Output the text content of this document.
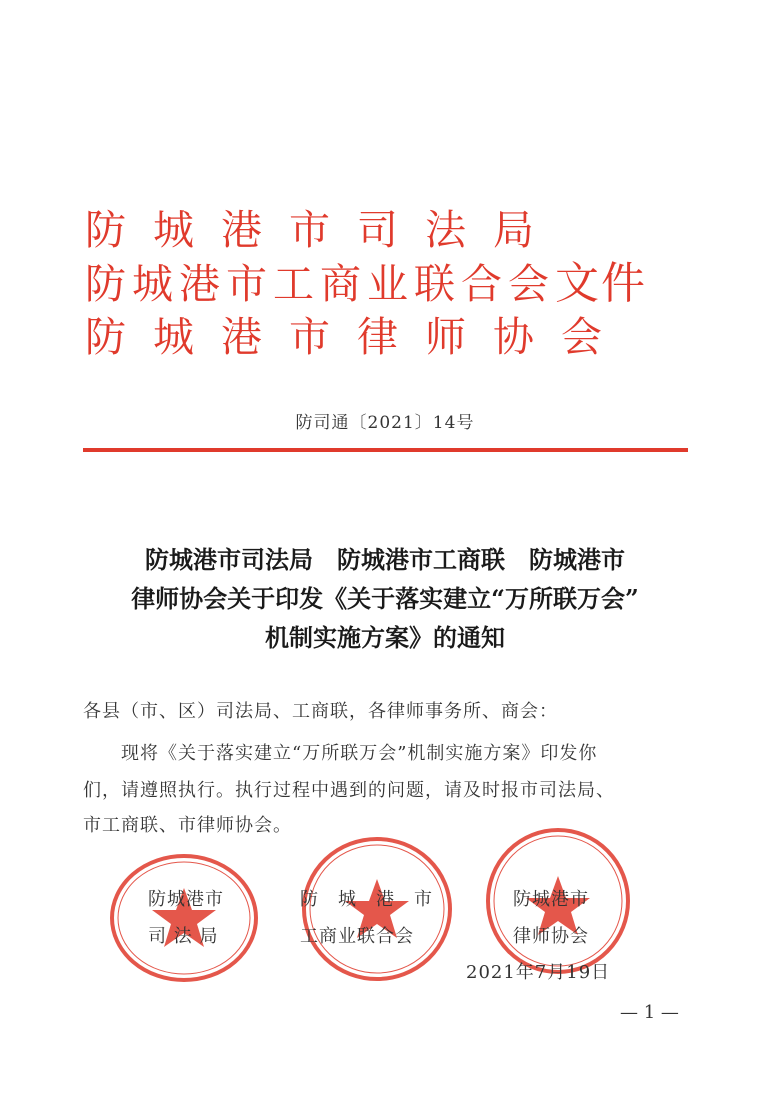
防城港市司法局
防城港市工商业联合会文件
防城港市律师协会
防司通〔2021〕14号
防城港市司法局　防城港市工商联　防城港市
律师协会关于印发《关于落实建立“万所联万会”
机制实施方案》的通知
各县（市、区）司法局、工商联，各律师事务所、商会：
现将《关于落实建立“万所联万会”机制实施方案》印发你
们，请遵照执行。执行过程中遇到的问题，请及时报市司法局、
市工商联、市律师协会。
防城港市
司 法 局
防　城　港　市
工商业联合会
防城港市
律师协会
2021年7月19日
— 1 —
